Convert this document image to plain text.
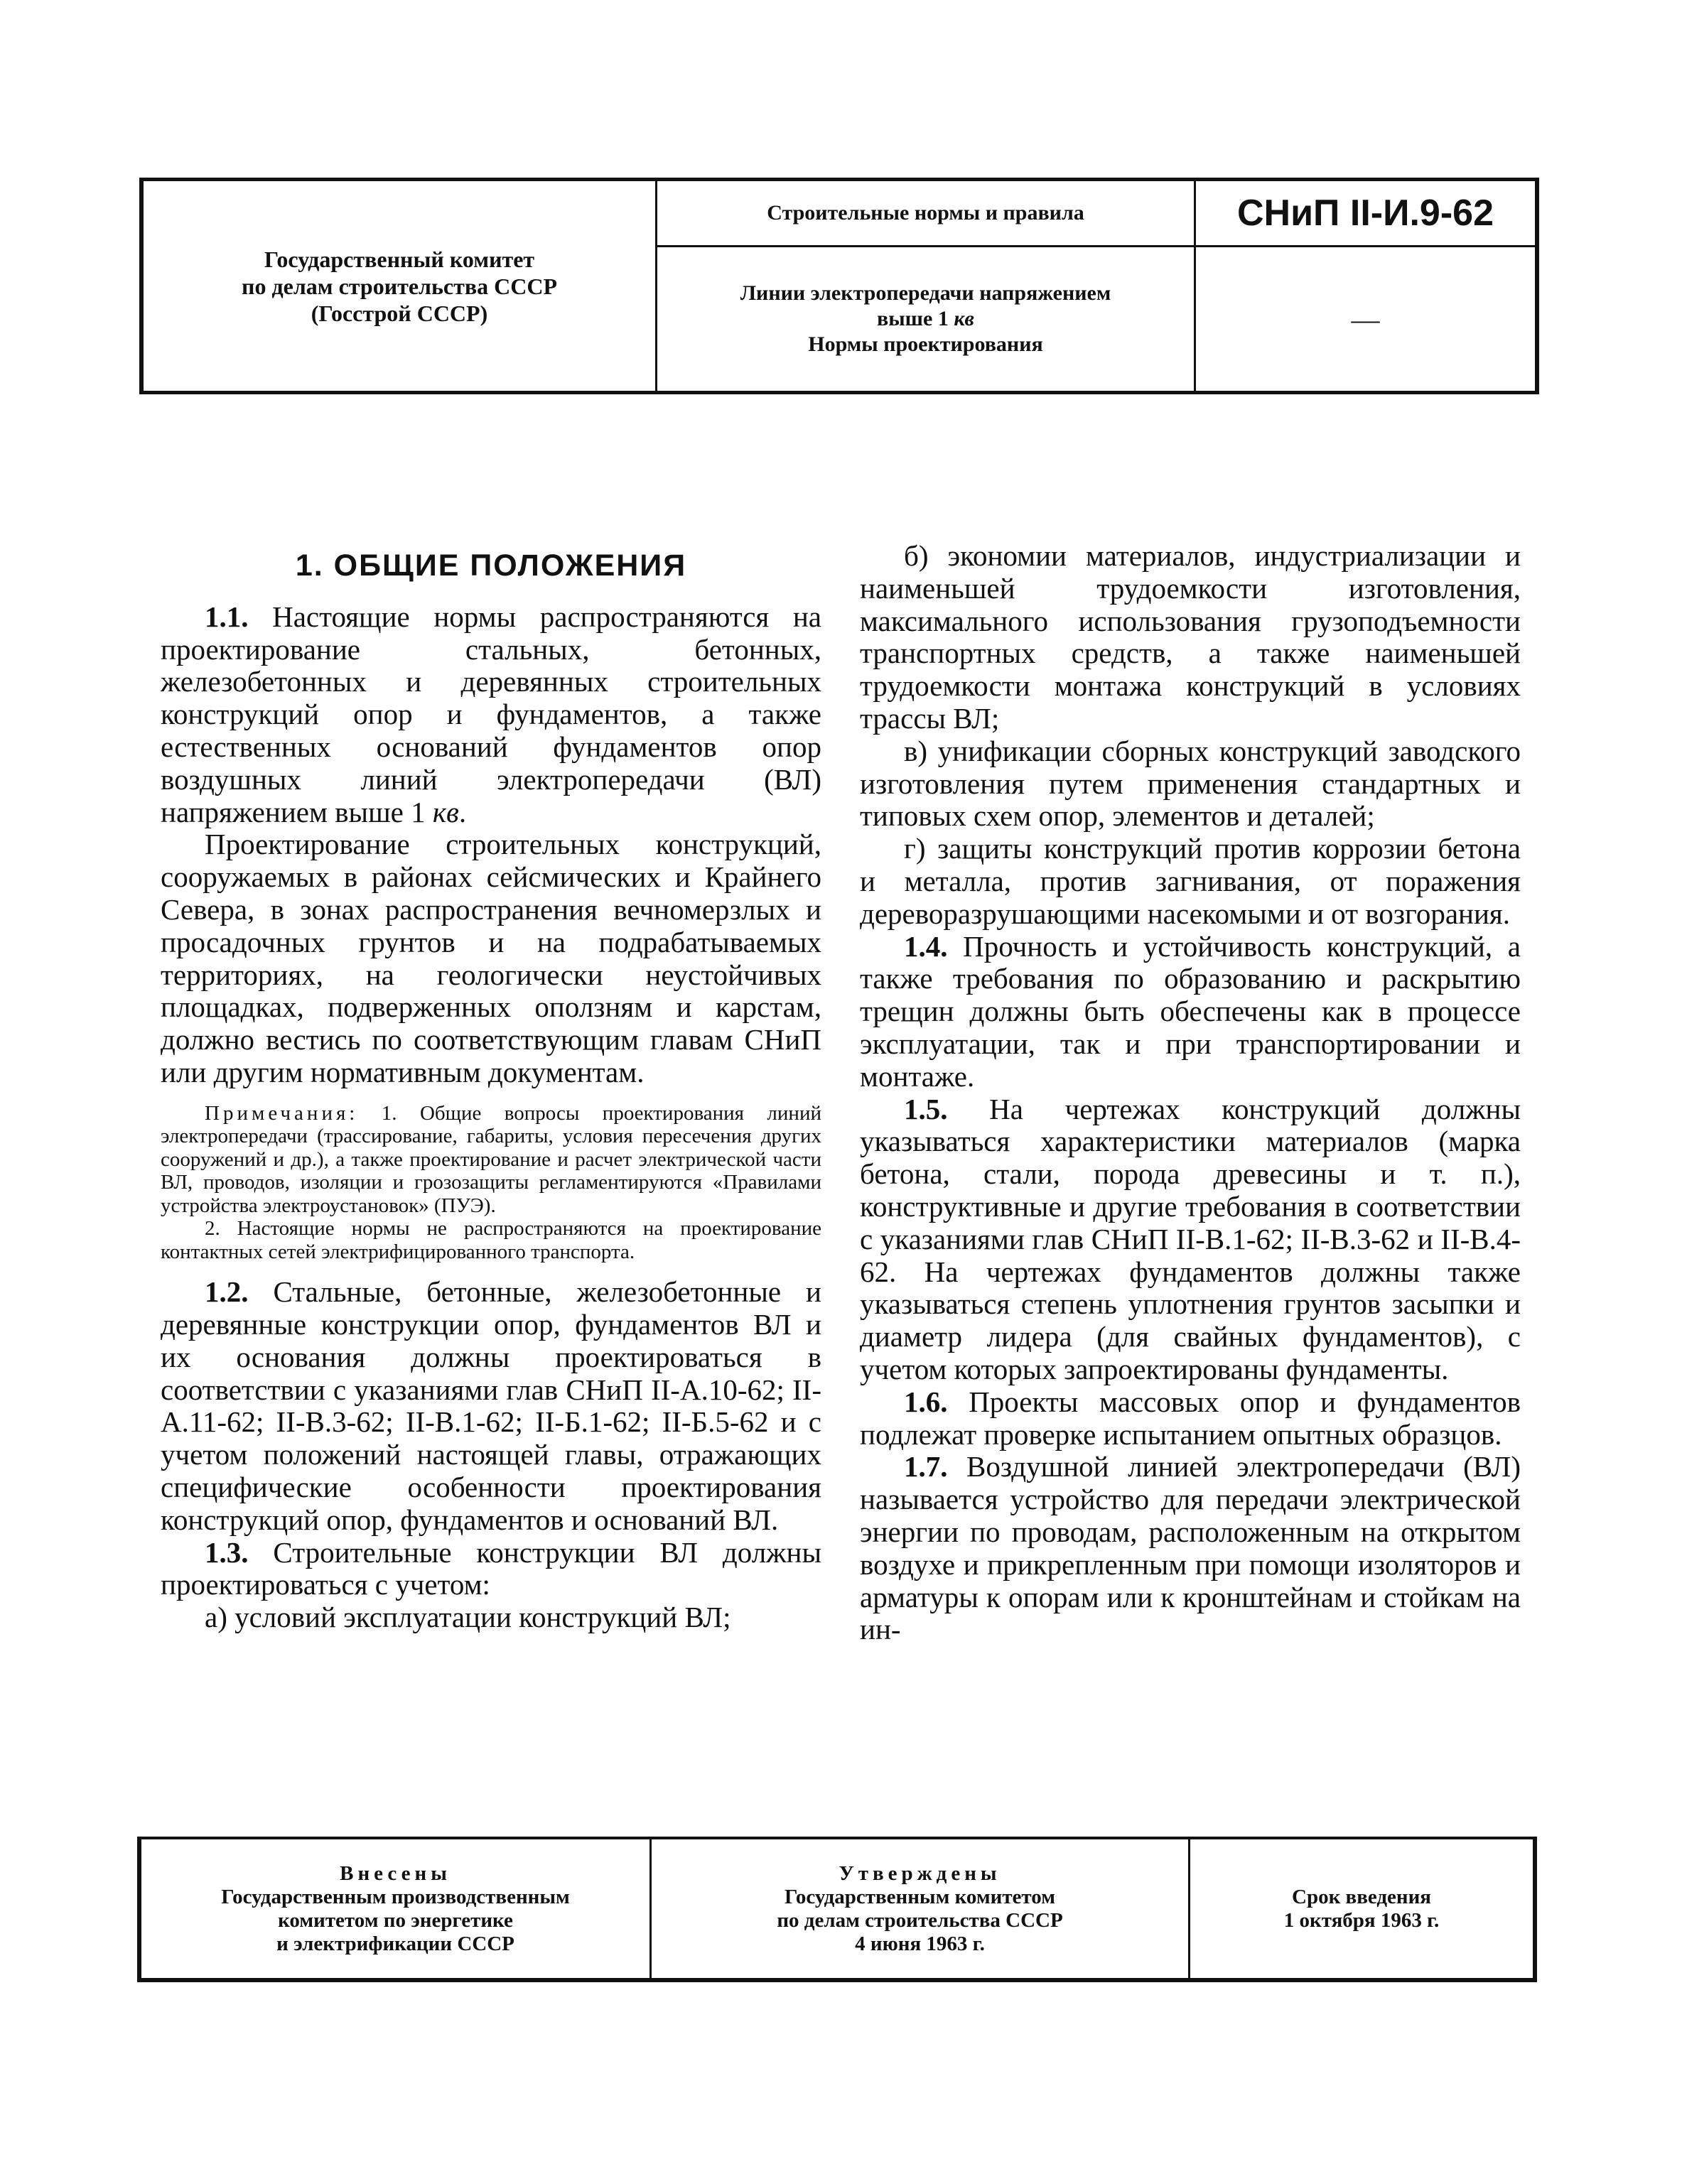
Государственный комитет
по делам строительства СССР
(Госстрой СССР)
Строительные нормы и правила
Линии электропередачи напряжением
выше 1 кв
Нормы проектирования
СНиП II-И.9-62
—
1. ОБЩИЕ ПОЛОЖЕНИЯ

1.1. Настоящие нормы распространяются на проектирование стальных, бетонных, железобетонных и деревянных строительных конструкций опор и фундаментов, а также естественных оснований фундаментов опор воздушных линий электропередачи (ВЛ) напряжением выше 1 кв.

Проектирование строительных конструкций, сооружаемых в районах сейсмических и Крайнего Севера, в зонах распространения вечномерзлых и просадочных грунтов и на подрабатываемых территориях, на геологически неустойчивых площадках, подверженных оползням и карстам, должно вестись по соответствующим главам СНиП или другим нормативным документам.

Примечания: 1. Общие вопросы проектирования линий электропередачи (трассирование, габариты, условия пересечения других сооружений и др.), а также проектирование и расчет электрической части ВЛ, проводов, изоляции и грозозащиты регламентируются «Правилами устройства электроустановок» (ПУЭ).

2. Настоящие нормы не распространяются на проектирование контактных сетей электрифицированного транспорта.

1.2. Стальные, бетонные, железобетонные и деревянные конструкции опор, фундаментов ВЛ и их основания должны проектироваться в соответствии с указаниями глав СНиП II-А.10-62; II-А.11-62; II-В.3-62; II-В.1-62; II-Б.1-62; II-Б.5-62 и с учетом положений настоящей главы, отражающих специфические особенности проектирования конструкций опор, фундаментов и оснований ВЛ.

1.3. Строительные конструкции ВЛ должны проектироваться с учетом:

а) условий эксплуатации конструкций ВЛ;

б) экономии материалов, индустриализации и наименьшей трудоемкости изготовления, максимального использования грузоподъемности транспортных средств, а также наименьшей трудоемкости монтажа конструкций в условиях трассы ВЛ;

в) унификации сборных конструкций заводского изготовления путем применения стандартных и типовых схем опор, элементов и деталей;

г) защиты конструкций против коррозии бетона и металла, против загнивания, от поражения дереворазрушающими насекомыми и от возгорания.

1.4. Прочность и устойчивость конструкций, а также требования по образованию и раскрытию трещин должны быть обеспечены как в процессе эксплуатации, так и при транспортировании и монтаже.

1.5. На чертежах конструкций должны указываться характеристики материалов (марка бетона, стали, порода древесины и т. п.), конструктивные и другие требования в соответствии с указаниями глав СНиП II-В.1-62; II-В.3-62 и II-В.4-62. На чертежах фундаментов должны также указываться степень уплотнения грунтов засыпки и диаметр лидера (для свайных фундаментов), с учетом которых запроектированы фундаменты.

1.6. Проекты массовых опор и фундаментов подлежат проверке испытанием опытных образцов.

1.7. Воздушной линией электропередачи (ВЛ) называется устройство для передачи электрической энергии по проводам, расположенным на открытом воздухе и прикрепленным при помощи изоляторов и арматуры к опорам или к кронштейнам и стойкам на ин-

Внесены
Государственным производственным
комитетом по энергетике
и электрификации СССР
Утверждены
Государственным комитетом
по делам строительства СССР
4 июня 1963 г.
Срок введения
1 октября 1963 г.
